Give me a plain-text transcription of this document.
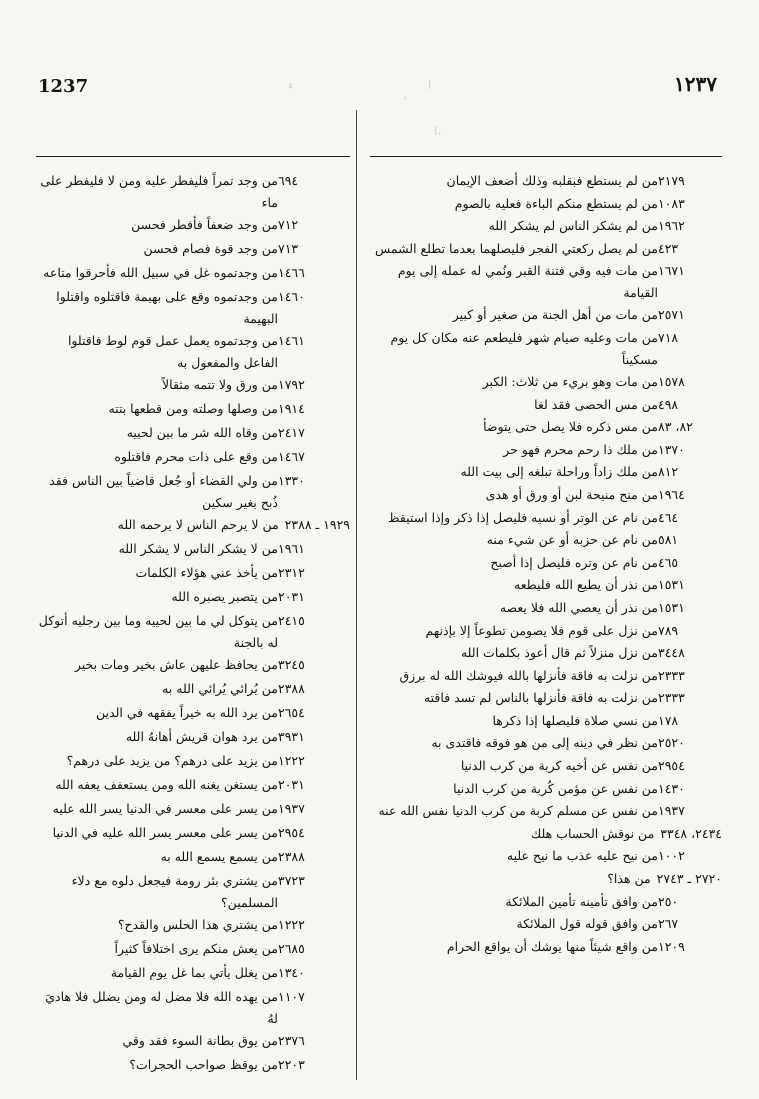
1237	١٢٣٧
ا
ا،
ء
٢١٧٩
من لم يستطع فبقلبه وذلك أضعف الإيمان
١٠٨٣
من لم يستطع منكم الباءة فعليه بالصوم
١٩٦٢
من لم يشكر الناس لم يشكر الله
٤٢٣
من لم يصل ركعتي الفجر فليصلهما بعدما تطلع الشمس
١٦٧١
من مات فيه وقي فتنة القبر ونُمي له عمله إلى يوم القيامة
٢٥٧١
من مات من أهل الجنة من صغير أو كبير
٧١٨
من مات وعليه صيام شهر فليطعم عنه مكان كل يوم مسكيناً
١٥٧٨
من مات وهو بريء من ثلاث: الكبر
٤٩٨
من مس الحصى فقد لغا
٨٢، ٨٣
من مس ذكره فلا يصل حتى يتوضأ
١٣٧٠
من ملك ذا رحم محرم فهو حر
٨١٢
من ملك زاداً وراحلة تبلغه إلى بيت الله
١٩٦٤
من منح منيحة لبن أو ورق أو هدى
٤٦٤
من نام عن الوتر أو نسيه فليصل إذا ذكر وإذا استيقظ
٥٨١
من نام عن حزبه أو عن شيء منه
٤٦٥
من نام عن وتره فليصل إذا أصبح
١٥٣١
من نذر أن يطيع الله فليطعه
١٥٣١
من نذر أن يعصي الله فلا يعصه
٧٨٩
من نزل على قوم فلا يصومن تطوعاً إلا بإذنهم
٣٤٤٨
من نزل منزلاً ثم قال أعوذ بكلمات الله
٢٣٣٣
من نزلت به فاقة فأنزلها بالله فيوشك الله له برزق
٢٣٣٣
من نزلت به فاقة فأنزلها بالناس لم تسد فاقته
١٧٨
من نسي صلاة فليصلها إذا ذكرها
٢٥٢٠
من نظر في دينه إلى من هو فوقه فاقتدى به
٢٩٥٤
من نفس عن أخيه كربة من كرب الدنيا
١٤٣٠
من نفس عن مؤمن كُربة من كرب الدنيا
١٩٣٧
من نفس عن مسلم كربة من كرب الدنيا نفس الله عنه
٢٤٣٤، ٣٣٤٨
من نوقش الحساب هلك
١٠٠٢
من نيح عليه عذب ما نيح عليه
٢٧٢٠ ـ ٢٧٤٣
من هذا؟
٢٥٠
من وافق تأمينه تأمين الملائكة
٢٦٧
من وافق قوله قول الملائكة
١٢٠٩
من واقع شيئاً منها يوشك أن يواقع الحرام
٦٩٤
من وجد تمراً فليفطر عليه ومن لا فليفطر على ماء
٧١٢
من وجد ضعفاً فأفطر فحسن
٧١٣
من وجد قوة فصام فحسن
١٤٦٦
من وجدتموه غل في سبيل الله فأحرقوا متاعه
١٤٦٠
من وجدتموه وقع على بهيمة فاقتلوه واقتلوا البهيمة
١٤٦١
من وجدتموه يعمل عمل قوم لوط فاقتلوا الفاعل والمفعول به
١٧٩٢
من ورق ولا تتمه مثقالاً
١٩١٤
من وصلها وصلته ومن قطعها بتته
٢٤١٧
من وقاه الله شر ما بين لحييه
١٤٦٧
من وقع على ذات محرم فاقتلوه
١٣٣٠
من ولي القضاء أو جُعل قاضياً بين الناس فقد ذُبح بغير سكين
١٩٢٩ ـ ٢٣٨٨
من لا يرحم الناس لا يرحمه الله
١٩٦١
من لا يشكر الناس لا يشكر الله
٢٣١٢
من يأخذ عني هؤلاء الكلمات
٢٠٣١
من يتصبر يصبره الله
٢٤١٥
من يتوكل لي ما بين لحييه وما بين رجليه أتوكل له بالجنة
٣٢٤٥
من يحافظ عليهن عاش بخير ومات بخير
٢٣٨٨
من يُرائي يُرائي الله به
٢٦٥٤
من يرد الله به خيراً يفقهه في الدين
٣٩٣١
من يرد هوان قريش أهانهُ الله
١٢٢٢
من يزيد على درهم؟ من يزيد على درهم؟
٢٠٣١
من يستغن يغنه الله ومن يستعفف يعفه الله
١٩٣٧
من يسر على معسر في الدنيا يسر الله عليه
٢٩٥٤
من يسر على معسر يسر الله عليه في الدنيا
٢٣٨٨
من يسمع يسمع الله به
٣٧٢٣
من يشتري بئر رومة فيجعل دلوه مع دلاء المسلمين؟
١٢٢٢
من يشتري هذا الحلس والقدح؟
٢٦٨٥
من يعش منكم يرى اختلافاً كثيراً
١٣٤٠
من يغلل يأتي بما غل يوم القيامة
١١٠٧
من يهده الله فلا مضل له ومن يضلل فلا هاديَ لهُ
٢٣٧٦
من يوق بطانة السوء فقد وقي
٢٢٠٣
من يوقظ صواحب الحجرات؟
